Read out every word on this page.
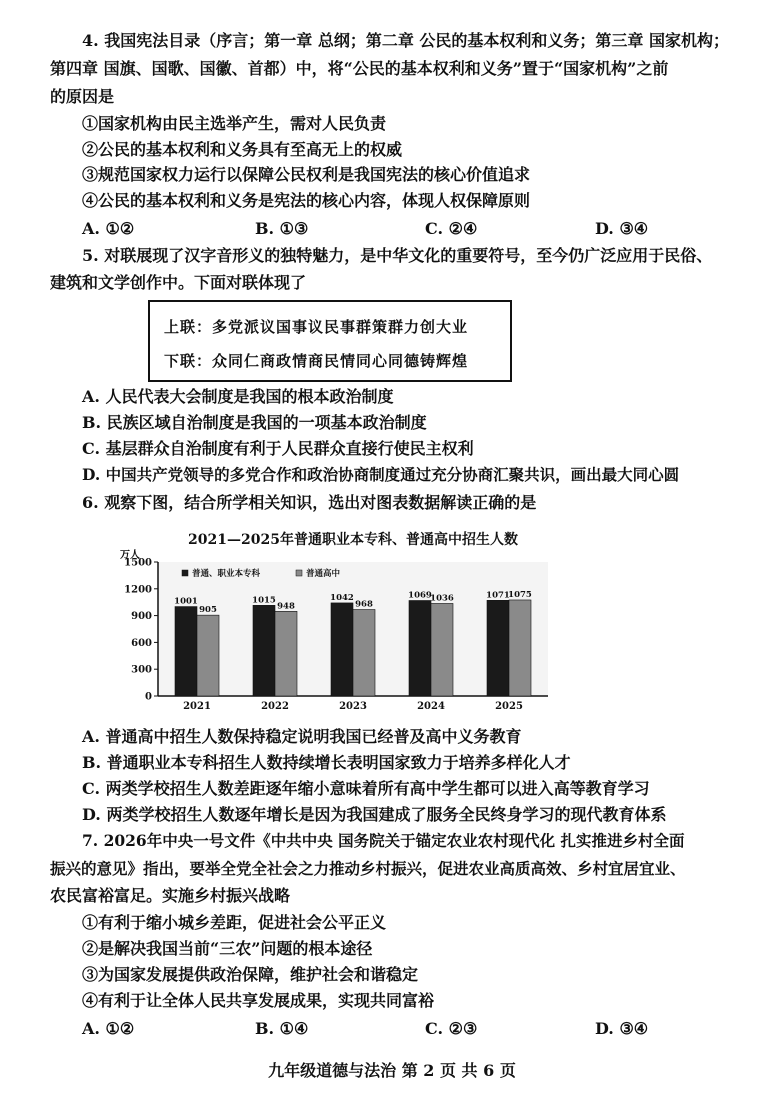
4. 我国宪法目录（序言；第一章 总纲；第二章 公民的基本权利和义务；第三章 国家机构；
第四章 国旗、国歌、国徽、首都）中，将“公民的基本权利和义务”置于“国家机构”之前
的原因是
①国家机构由民主选举产生，需对人民负责
②公民的基本权利和义务具有至高无上的权威
③规范国家权力运行以保障公民权利是我国宪法的核心价值追求
④公民的基本权利和义务是宪法的核心内容，体现人权保障原则
A. ①②	B. ①③	C. ②④	D. ③④
5. 对联展现了汉字音形义的独特魅力，是中华文化的重要符号，至今仍广泛应用于民俗、
建筑和文学创作中。下面对联体现了
上联：多党派议国事议民事群策群力创大业
下联：众同仁商政情商民情同心同德铸辉煌
A. 人民代表大会制度是我国的根本政治制度
B. 民族区域自治制度是我国的一项基本政治制度
C. 基层群众自治制度有利于人民群众直接行使民主权利
D. 中国共产党领导的多党合作和政治协商制度通过充分协商汇聚共识，画出最大同心圆
6. 观察下图，结合所学相关知识，选出对图表数据解读正确的是
2021—2025年普通职业本专科、普通高中招生人数
万人
0
300
600
900
1200
1500
2021	2022	2023	2024	2025
1001
905
1015
948
1042
968
1069
1036	1071
1075
普通、职业本专科	普通高中
A. 普通高中招生人数保持稳定说明我国已经普及高中义务教育
B. 普通职业本专科招生人数持续增长表明国家致力于培养多样化人才
C. 两类学校招生人数差距逐年缩小意味着所有高中学生都可以进入高等教育学习
D. 两类学校招生人数逐年增长是因为我国建成了服务全民终身学习的现代教育体系
7. 2026年中央一号文件《中共中央 国务院关于锚定农业农村现代化 扎实推进乡村全面
振兴的意见》指出，要举全党全社会之力推动乡村振兴，促进农业高质高效、乡村宜居宜业、
农民富裕富足。实施乡村振兴战略
①有利于缩小城乡差距，促进社会公平正义
②是解决我国当前“三农”问题的根本途径
③为国家发展提供政治保障，维护社会和谐稳定
④有利于让全体人民共享发展成果，实现共同富裕
A. ①②	B. ①④	C. ②③	D. ③④
九年级道德与法治 第 2 页 共 6 页
